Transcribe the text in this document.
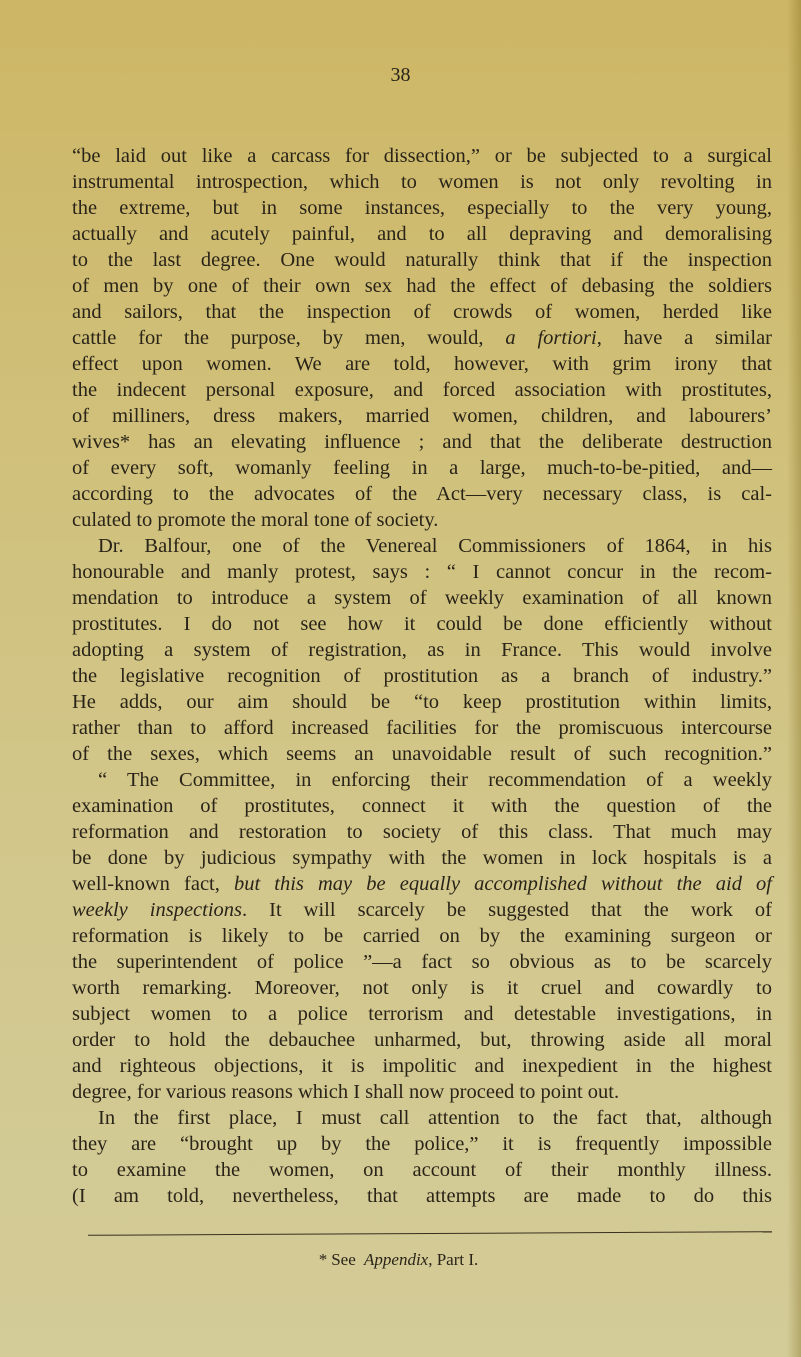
38
“be laid out like a carcass for dissection,” or be subjected to a surgical
instrumental introspection, which to women is not only revolting in
the extreme, but in some instances, especially to the very young,
actually and acutely painful, and to all depraving and demoralising
to the last degree. One would naturally think that if the inspection
of men by one of their own sex had the effect of debasing the soldiers
and sailors, that the inspection of crowds of women, herded like
cattle for the purpose, by men, would, a fortiori, have a similar
effect upon women. We are told, however, with grim irony that
the indecent personal exposure, and forced association with prostitutes,
of milliners, dress makers, married women, children, and labourers’
wives* has an elevating influence ; and that the deliberate destruction
of every soft, womanly feeling in a large, much-to-be-pitied, and—
according to the advocates of the Act—very necessary class, is cal-
culated to promote the moral tone of society.
Dr. Balfour, one of the Venereal Commissioners of 1864, in his
honourable and manly protest, says : “ I cannot concur in the recom-
mendation to introduce a system of weekly examination of all known
prostitutes. I do not see how it could be done efficiently without
adopting a system of registration, as in France. This would involve
the legislative recognition of prostitution as a branch of industry.”
He adds, our aim should be “to keep prostitution within limits,
rather than to afford increased facilities for the promiscuous intercourse
of the sexes, which seems an unavoidable result of such recognition.”
“ The Committee, in enforcing their recommendation of a weekly
examination of prostitutes, connect it with the question of the
reformation and restoration to society of this class. That much may
be done by judicious sympathy with the women in lock hospitals is a
well-known fact, but this may be equally accomplished without the aid of
weekly inspections. It will scarcely be suggested that the work of
reformation is likely to be carried on by the examining surgeon or
the superintendent of police ”—a fact so obvious as to be scarcely
worth remarking. Moreover, not only is it cruel and cowardly to
subject women to a police terrorism and detestable investigations, in
order to hold the debauchee unharmed, but, throwing aside all moral
and righteous objections, it is impolitic and inexpedient in the highest
degree, for various reasons which I shall now proceed to point out.
In the first place, I must call attention to the fact that, although
they are “brought up by the police,” it is frequently impossible
to examine the women, on account of their monthly illness.
(I am told, nevertheless, that attempts are made to do this
* See Appendix, Part I.
